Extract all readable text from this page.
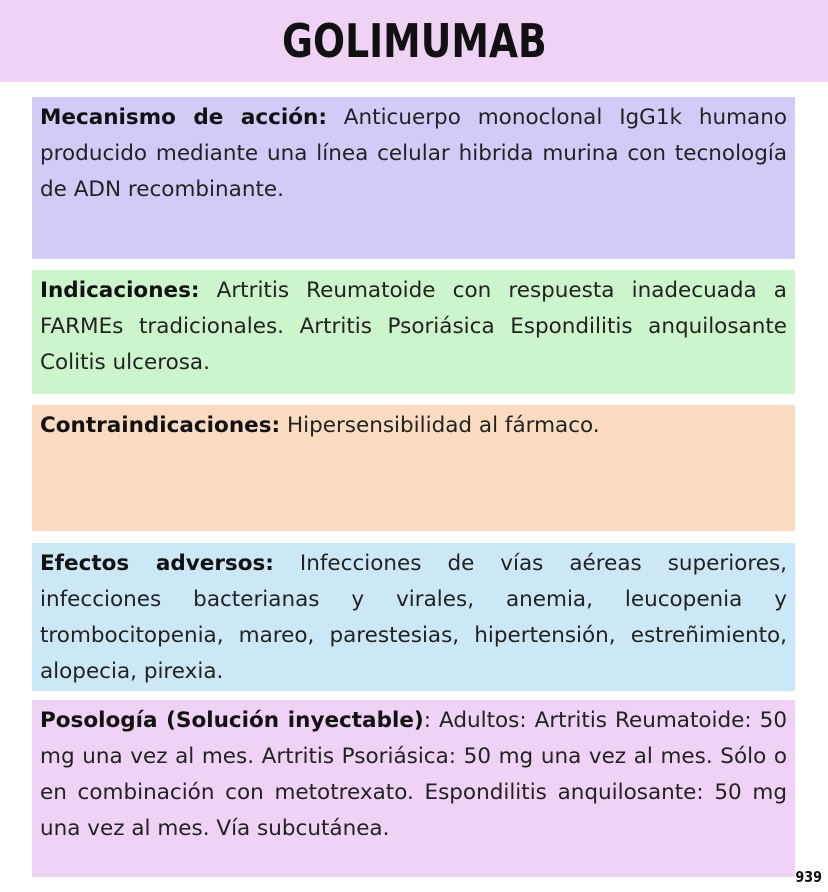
GOLIMUMAB
Mecanismo de acción: Anticuerpo monoclonal IgG1k humano producido mediante una línea celular hibrida murina con tecnología de ADN recombinante.
Indicaciones: Artritis Reumatoide con respuesta inadecuada a FARMEs tradicionales. Artritis Psoriásica Espondilitis anquilosante Colitis ulcerosa.
Contraindicaciones: Hipersensibilidad al fármaco.
Efectos adversos: Infecciones de vías aéreas superiores, infecciones bacterianas y virales, anemia, leucopenia y trombocitopenia, mareo, parestesias, hipertensión, estreñimiento, alopecia, pirexia.
Posología (Solución inyectable): Adultos: Artritis Reumatoide: 50 mg una vez al mes. Artritis Psoriásica: 50 mg una vez al mes. Sólo o en combinación con metotrexato. Espondilitis anquilosante: 50 mg una vez al mes. Vía subcutánea.
939
